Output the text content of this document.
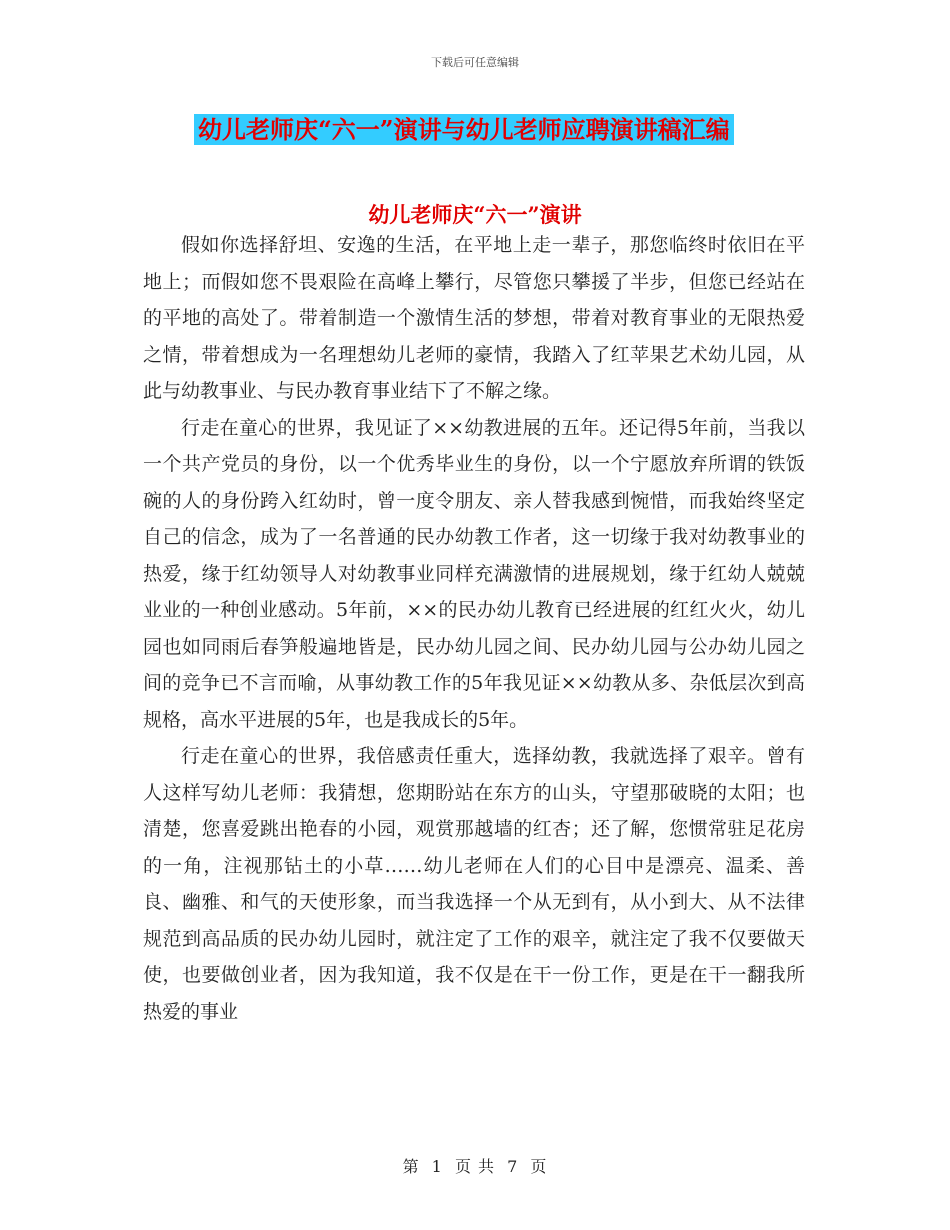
下载后可任意编辑
幼儿老师庆“六一”演讲与幼儿老师应聘演讲稿汇编
幼儿老师庆“六一”演讲

假如你选择舒坦、安逸的生活，在平地上走一辈子，那您临终时依旧在平地上；而假如您不畏艰险在高峰上攀行，尽管您只攀援了半步，但您已经站在的平地的高处了。带着制造一个激情生活的梦想，带着对教育事业的无限热爱之情，带着想成为一名理想幼儿老师的豪情，我踏入了红苹果艺术幼儿园，从此与幼教事业、与民办教育事业结下了不解之缘。

行走在童心的世界，我见证了××幼教进展的五年。还记得5年前，当我以一个共产党员的身份，以一个优秀毕业生的身份，以一个宁愿放弃所谓的铁饭碗的人的身份跨入红幼时，曾一度令朋友、亲人替我感到惋惜，而我始终坚定自己的信念，成为了一名普通的民办幼教工作者，这一切缘于我对幼教事业的热爱，缘于红幼领导人对幼教事业同样充满激情的进展规划，缘于红幼人兢兢业业的一种创业感动。5年前，××的民办幼儿教育已经进展的红红火火，幼儿园也如同雨后春笋般遍地皆是，民办幼儿园之间、民办幼儿园与公办幼儿园之间的竞争已不言而喻，从事幼教工作的5年我见证××幼教从多、杂低层次到高规格，高水平进展的5年，也是我成长的5年。

行走在童心的世界，我倍感责任重大，选择幼教，我就选择了艰辛。曾有人这样写幼儿老师：我猜想，您期盼站在东方的山头，守望那破晓的太阳；也清楚，您喜爱跳出艳春的小园，观赏那越墙的红杏；还了解，您惯常驻足花房的一角，注视那钻土的小草……幼儿老师在人们的心目中是漂亮、温柔、善良、幽雅、和气的天使形象，而当我选择一个从无到有，从小到大、从不法律规范到高品质的民办幼儿园时，就注定了工作的艰辛，就注定了我不仅要做天使，也要做创业者，因为我知道，我不仅是在干一份工作，更是在干一翻我所热爱的事业

第 1 页 共 7 页
